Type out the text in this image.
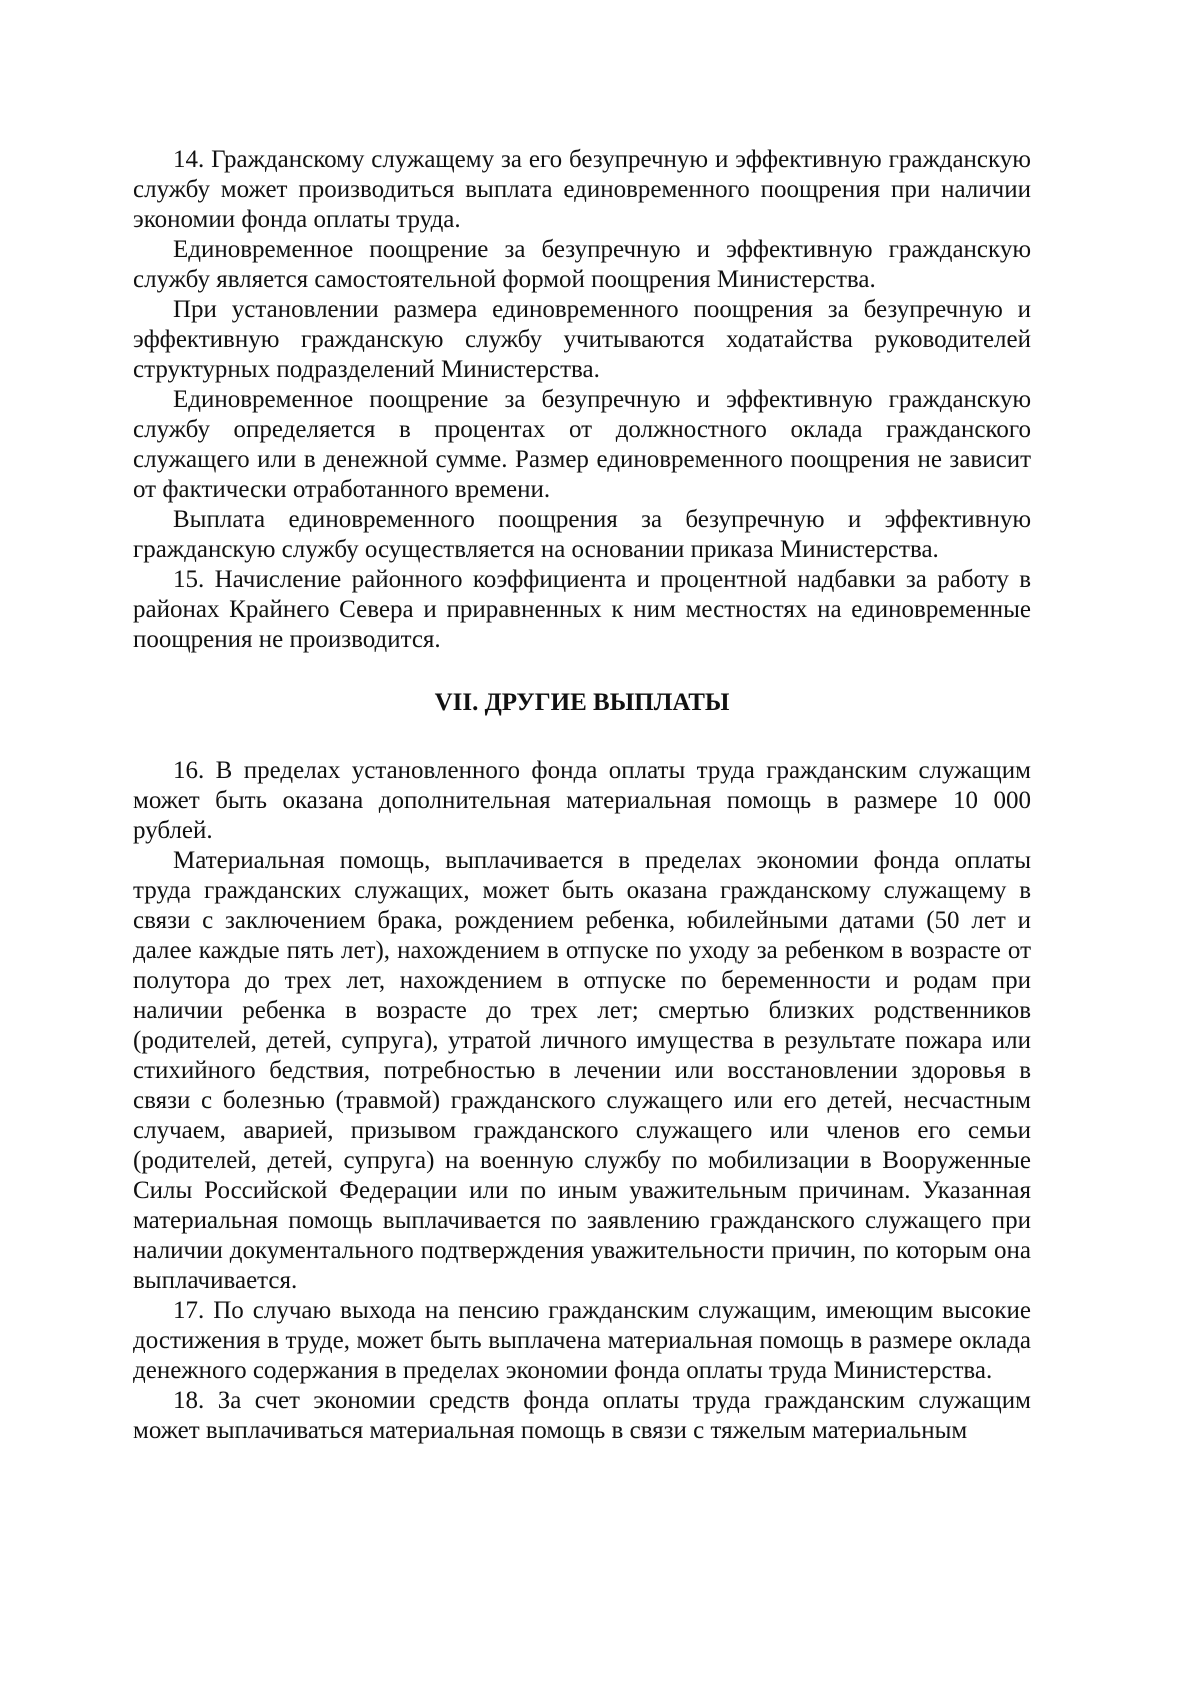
14. Гражданскому служащему за его безупречную и эффективную гражданскую службу может производиться выплата единовременного поощрения при наличии экономии фонда оплаты труда.

Единовременное поощрение за безупречную и эффективную гражданскую службу является самостоятельной формой поощрения Министерства.

При установлении размера единовременного поощрения за безупречную и эффективную гражданскую службу учитываются ходатайства руководителей структурных подразделений Министерства.

Единовременное поощрение за безупречную и эффективную гражданскую службу определяется в процентах от должностного оклада гражданского служащего или в денежной сумме. Размер единовременного поощрения не зависит от фактически отработанного времени.

Выплата единовременного поощрения за безупречную и эффективную гражданскую службу осуществляется на основании приказа Министерства.

15. Начисление районного коэффициента и процентной надбавки за работу в районах Крайнего Севера и приравненных к ним местностях на единовременные поощрения не производится.

VII. ДРУГИЕ ВЫПЛАТЫ

16. В пределах установленного фонда оплаты труда гражданским служащим может быть оказана дополнительная материальная помощь в размере 10 000 рублей.

Материальная помощь, выплачивается в пределах экономии фонда оплаты труда гражданских служащих, может быть оказана гражданскому служащему в связи с заключением брака, рождением ребенка, юбилейными датами (50 лет и далее каждые пять лет), нахождением в отпуске по уходу за ребенком в возрасте от полутора до трех лет, нахождением в отпуске по беременности и родам при наличии ребенка в возрасте до трех лет; смертью близких родственников (родителей, детей, супруга), утратой личного имущества в результате пожара или стихийного бедствия, потребностью в лечении или восстановлении здоровья в связи с болезнью (травмой) гражданского служащего или его детей, несчастным случаем, аварией, призывом гражданского служащего или членов его семьи (родителей, детей, супруга) на военную службу по мобилизации в Вооруженные Силы Российской Федерации или по иным уважительным причинам. Указанная материальная помощь выплачивается по заявлению гражданского служащего при наличии документального подтверждения уважительности причин, по которым она выплачивается.

17. По случаю выхода на пенсию гражданским служащим, имеющим высокие достижения в труде, может быть выплачена материальная помощь в размере оклада денежного содержания в пределах экономии фонда оплаты труда Министерства.

18. За счет экономии средств фонда оплаты труда гражданским служащим может выплачиваться материальная помощь в связи с тяжелым материальным
